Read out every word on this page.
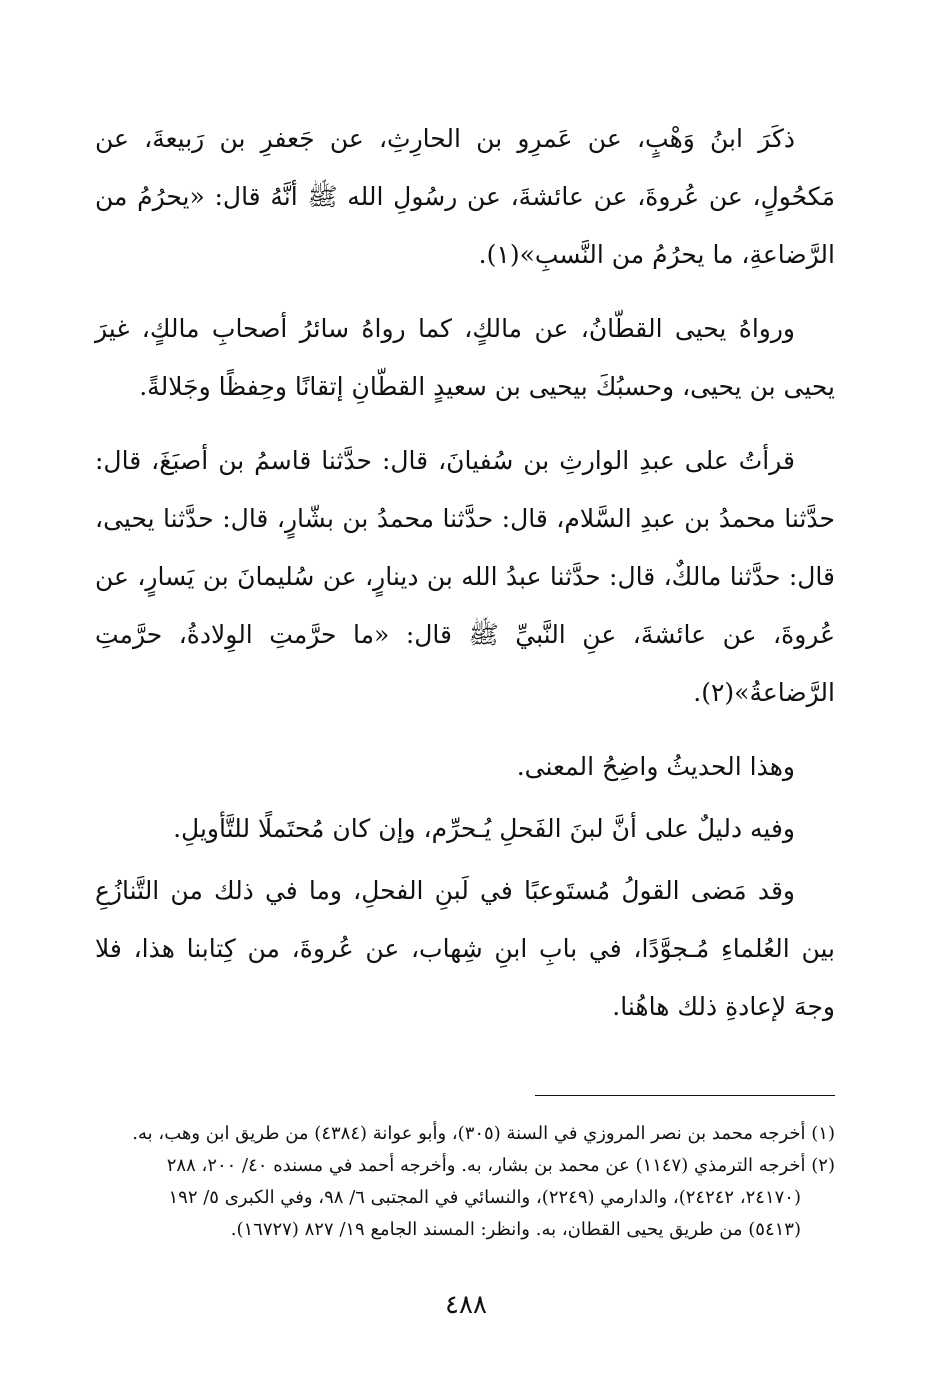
ذكَرَ ابنُ وَهْبٍ، عن عَمرِو بن الحارِثِ، عن جَعفرِ بن رَبيعةَ، عن مَكحُولٍ، عن عُروةَ، عن عائشةَ، عن رسُولِ الله ﷺ أنَّهُ قال: «يحرُمُ من الرَّضاعةِ، ما يحرُمُ من النَّسبِ»(١).

ورواهُ يحيى القطّانُ، عن مالكٍ، كما رواهُ سائرُ أصحابِ مالكٍ، غيرَ يحيى بن يحيى، وحسبُكَ بيحيى بن سعيدٍ القطّانِ إتقانًا وحِفظًا وجَلالةً.

قرأتُ على عبدِ الوارثِ بن سُفيانَ، قال: حدَّثنا قاسمُ بن أصبَغَ، قال: حدَّثنا محمدُ بن عبدِ السَّلام، قال: حدَّثنا محمدُ بن بشّارٍ، قال: حدَّثنا يحيى، قال: حدَّثنا مالكٌ، قال: حدَّثنا عبدُ الله بن دينارٍ، عن سُليمانَ بن يَسارٍ، عن عُروةَ، عن عائشةَ، عنِ النَّبيِّ ﷺ قال: «ما حرَّمتِ الوِلادةُ، حرَّمتِ الرَّضاعةُ»(٢).

وهذا الحديثُ واضِحُ المعنى.

وفيه دليلٌ على أنَّ لبنَ الفَحلِ يُـحرِّم، وإن كان مُحتَملًا للتَّأويلِ.

وقد مَضى القولُ مُستَوعبًا في لَبنِ الفحلِ، وما في ذلك من التَّنازُعِ بين العُلماءِ مُـجوَّدًا، في بابِ ابنِ شِهاب، عن عُروةَ، من كِتابنا هذا، فلا وجهَ لإعادةِ ذلك هاهُنا.

(١) أخرجه محمد بن نصر المروزي في السنة (٣٠٥)، وأبو عوانة (٤٣٨٤) من طريق ابن وهب، به.

(٢) أخرجه الترمذي (١١٤٧) عن محمد بن بشار، به. وأخرجه أحمد في مسنده ٤٠/ ٢٠٠، ٢٨٨

(٢٤١٧٠، ٢٤٢٤٢)، والدارمي (٢٢٤٩)، والنسائي في المجتبى ٦/ ٩٨، وفي الكبرى ٥/ ١٩٢

(٥٤١٣) من طريق يحيى القطان، به. وانظر: المسند الجامع ١٩/ ٨٢٧ (١٦٧٢٧).

٤٨٨
